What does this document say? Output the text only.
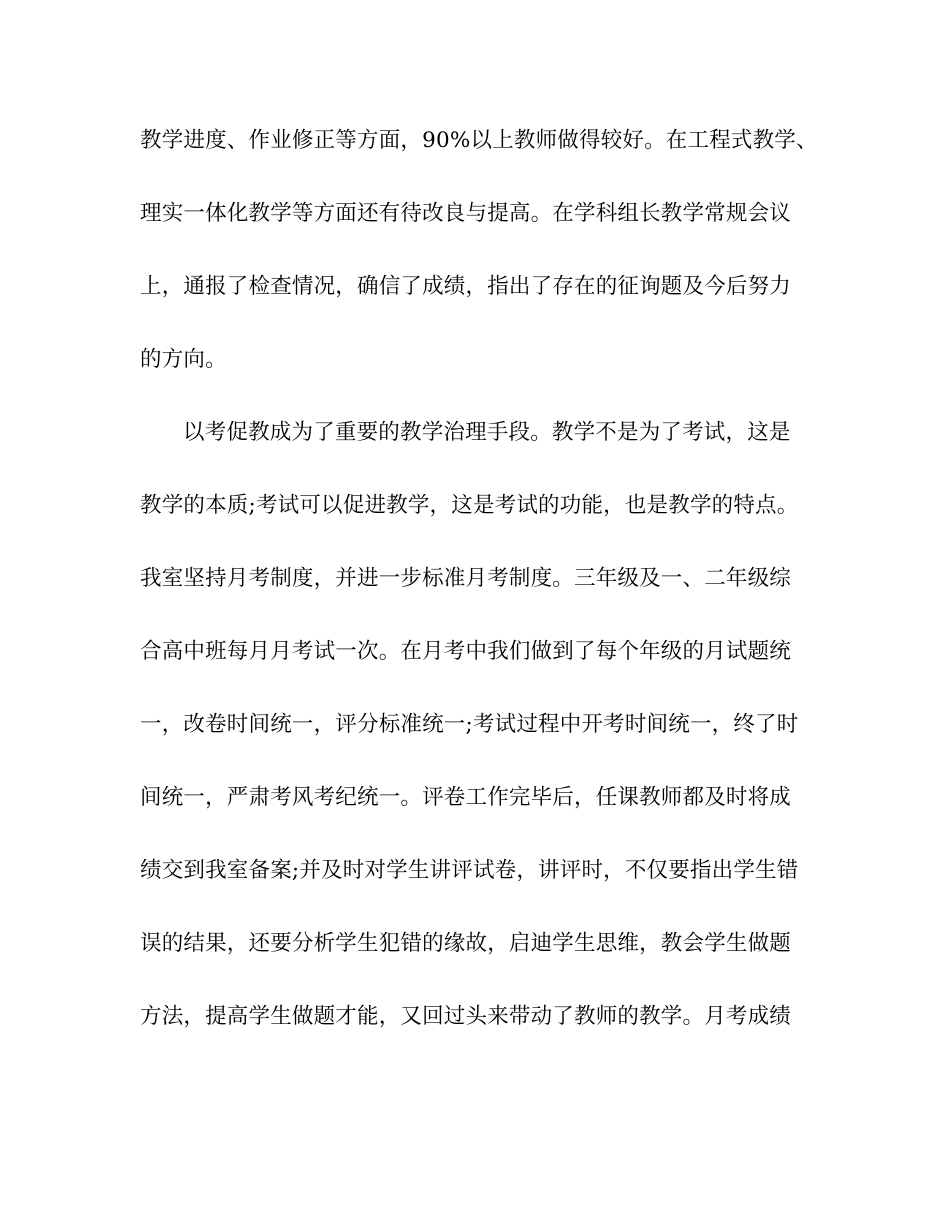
教学进度、作业修正等方面，90%以上教师做得较好。在工程式教学、
理实一体化教学等方面还有待改良与提高。在学科组长教学常规会议
上，通报了检查情况，确信了成绩，指出了存在的征询题及今后努力
的方向。
以考促教成为了重要的教学治理手段。教学不是为了考试，这是
教学的本质;考试可以促进教学，这是考试的功能，也是教学的特点。
我室坚持月考制度，并进一步标准月考制度。三年级及一、二年级综
合高中班每月月考试一次。在月考中我们做到了每个年级的月试题统
一，改卷时间统一，评分标准统一;考试过程中开考时间统一，终了时
间统一，严肃考风考纪统一。评卷工作完毕后，任课教师都及时将成
绩交到我室备案;并及时对学生讲评试卷，讲评时，不仅要指出学生错
误的结果，还要分析学生犯错的缘故，启迪学生思维，教会学生做题
方法，提高学生做题才能，又回过头来带动了教师的教学。月考成绩
